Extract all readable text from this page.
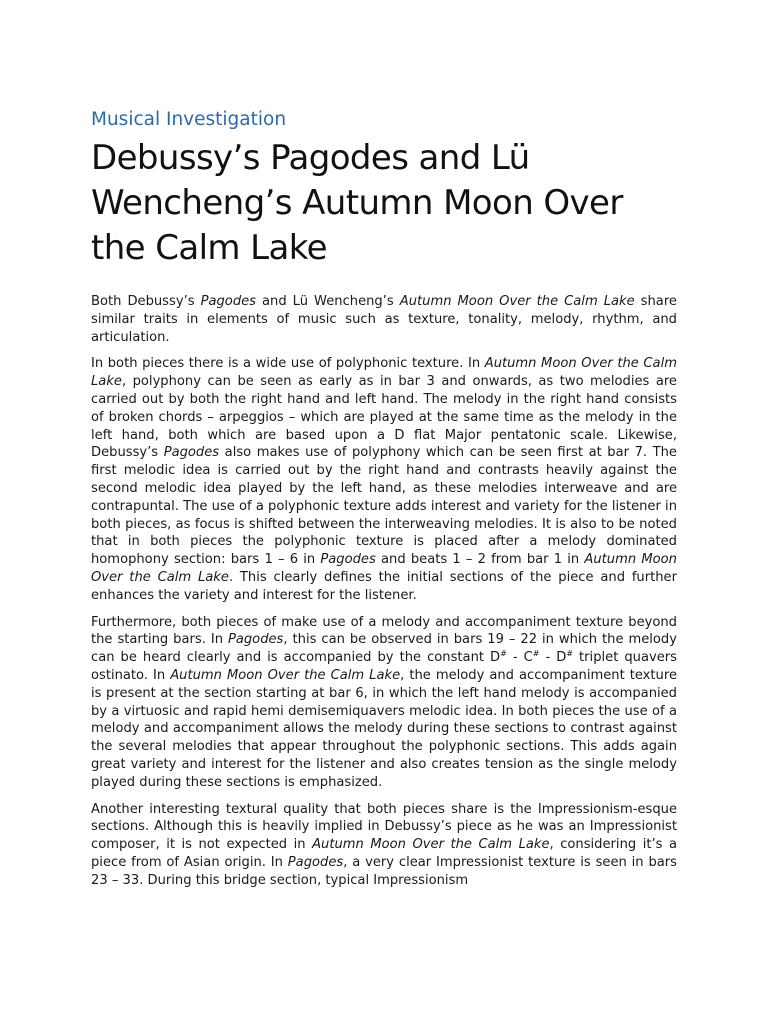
Musical Investigation
Debussy’s Pagodes and Lü Wencheng’s Autumn Moon Over the Calm Lake

Both Debussy’s Pagodes and Lü Wencheng’s Autumn Moon Over the Calm Lake share similar traits in elements of music such as texture, tonality, melody, rhythm, and articulation.

In both pieces there is a wide use of polyphonic texture. In Autumn Moon Over the Calm Lake, polyphony can be seen as early as in bar 3 and onwards, as two melodies are carried out by both the right hand and left hand. The melody in the right hand consists of broken chords – arpeggios – which are played at the same time as the melody in the left hand, both which are based upon a D flat Major pentatonic scale. Likewise, Debussy’s Pagodes also makes use of polyphony which can be seen first at bar 7. The first melodic idea is carried out by the right hand and contrasts heavily against the second melodic idea played by the left hand, as these melodies interweave and are contrapuntal. The use of a polyphonic texture adds interest and variety for the listener in both pieces, as focus is shifted between the interweaving melodies. It is also to be noted that in both pieces the polyphonic texture is placed after a melody dominated homophony section: bars 1 – 6 in Pagodes and beats 1 – 2 from bar 1 in Autumn Moon Over the Calm Lake. This clearly defines the initial sections of the piece and further enhances the variety and interest for the listener.

Furthermore, both pieces of make use of a melody and accompaniment texture beyond the starting bars. In Pagodes, this can be observed in bars 19 – 22 in which the melody can be heard clearly and is accompanied by the constant D# - C# - D# triplet quavers ostinato. In Autumn Moon Over the Calm Lake, the melody and accompaniment texture is present at the section starting at bar 6, in which the left hand melody is accompanied by a virtuosic and rapid hemi demisemiquavers melodic idea. In both pieces the use of a melody and accompaniment allows the melody during these sections to contrast against the several melodies that appear throughout the polyphonic sections. This adds again great variety and interest for the listener and also creates tension as the single melody played during these sections is emphasized.

Another interesting textural quality that both pieces share is the Impressionism-esque sections. Although this is heavily implied in Debussy’s piece as he was an Impressionist composer, it is not expected in Autumn Moon Over the Calm Lake, considering it’s a piece from of Asian origin. In Pagodes, a very clear Impressionist texture is seen in bars 23 – 33. During this bridge section, typical Impressionism
